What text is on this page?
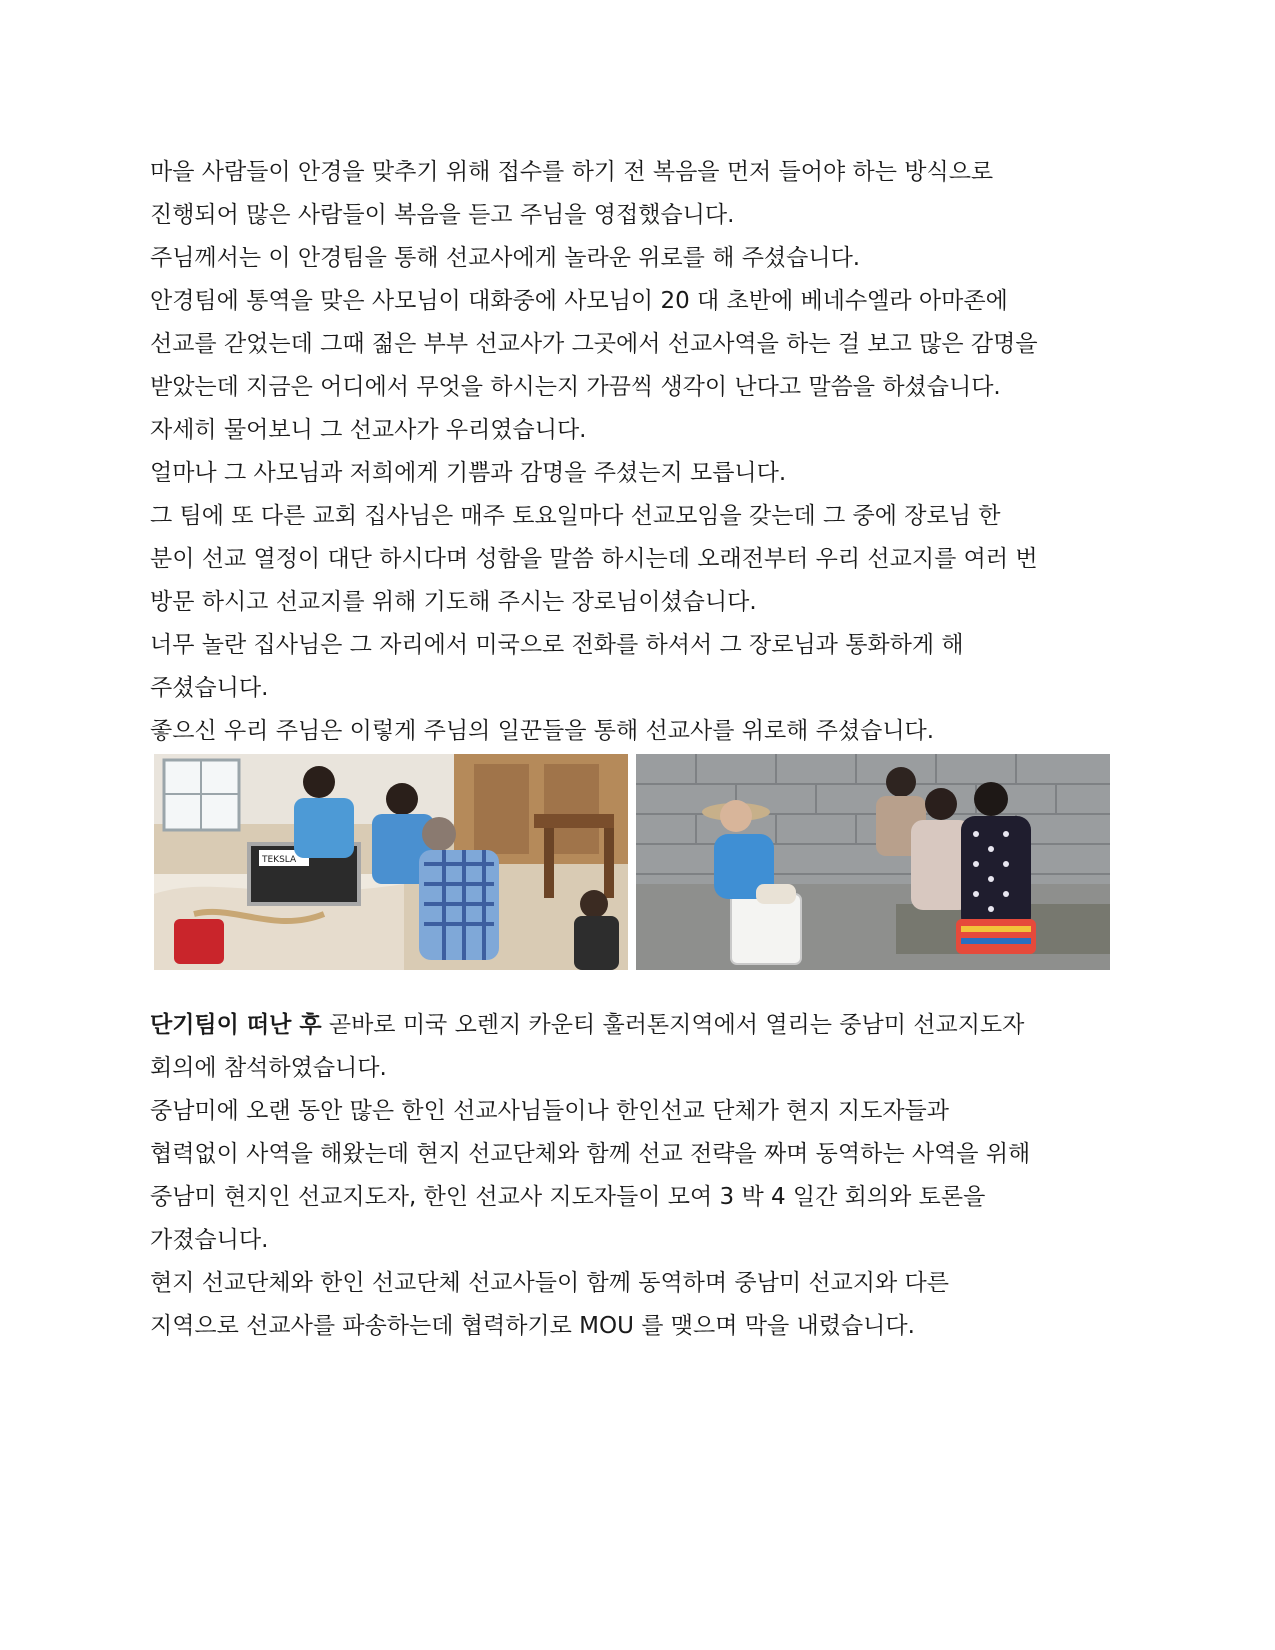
마을 사람들이 안경을 맞추기 위해 접수를 하기 전 복음을 먼저 들어야 하는 방식으로
진행되어 많은 사람들이 복음을 듣고 주님을 영접했습니다.
주님께서는 이 안경팀을 통해 선교사에게 놀라운 위로를 해 주셨습니다.
안경팀에 통역을 맞은 사모님이 대화중에 사모님이 20 대 초반에 베네수엘라 아마존에
선교를 갇었는데 그때 젊은 부부 선교사가 그곳에서 선교사역을 하는 걸 보고 많은 감명을
받았는데 지금은 어디에서 무엇을 하시는지 가끔씩 생각이 난다고 말씀을 하셨습니다.
자세히 물어보니 그 선교사가 우리였습니다.
얼마나 그 사모님과 저희에게 기쁨과 감명을 주셨는지 모릅니다.
그 팀에 또 다른 교회 집사님은 매주 토요일마다 선교모임을 갖는데 그 중에 장로님 한
분이 선교 열정이 대단 하시다며 성함을 말씀 하시는데 오래전부터 우리 선교지를 여러 번
방문 하시고 선교지를 위해 기도해 주시는 장로님이셨습니다.
너무 놀란 집사님은 그 자리에서 미국으로 전화를 하셔서 그 장로님과 통화하게 해
주셨습니다.
좋으신 우리 주님은 이렇게 주님의 일꾼들을 통해 선교사를 위로해 주셨습니다.
TEKSLA
단기팀이 떠난 후 곧바로 미국 오렌지 카운티 훌러톤지역에서 열리는 중남미 선교지도자
회의에 참석하였습니다.
중남미에 오랜 동안 많은 한인 선교사님들이나 한인선교 단체가 현지 지도자들과
협력없이 사역을 해왔는데 현지 선교단체와 함께 선교 전략을 짜며 동역하는 사역을 위해
중남미 현지인 선교지도자, 한인 선교사 지도자들이 모여 3 박 4 일간 회의와 토론을
가졌습니다.
현지 선교단체와 한인 선교단체 선교사들이 함께 동역하며 중남미 선교지와 다른
지역으로 선교사를 파송하는데 협력하기로 MOU 를 맺으며 막을 내렸습니다.
